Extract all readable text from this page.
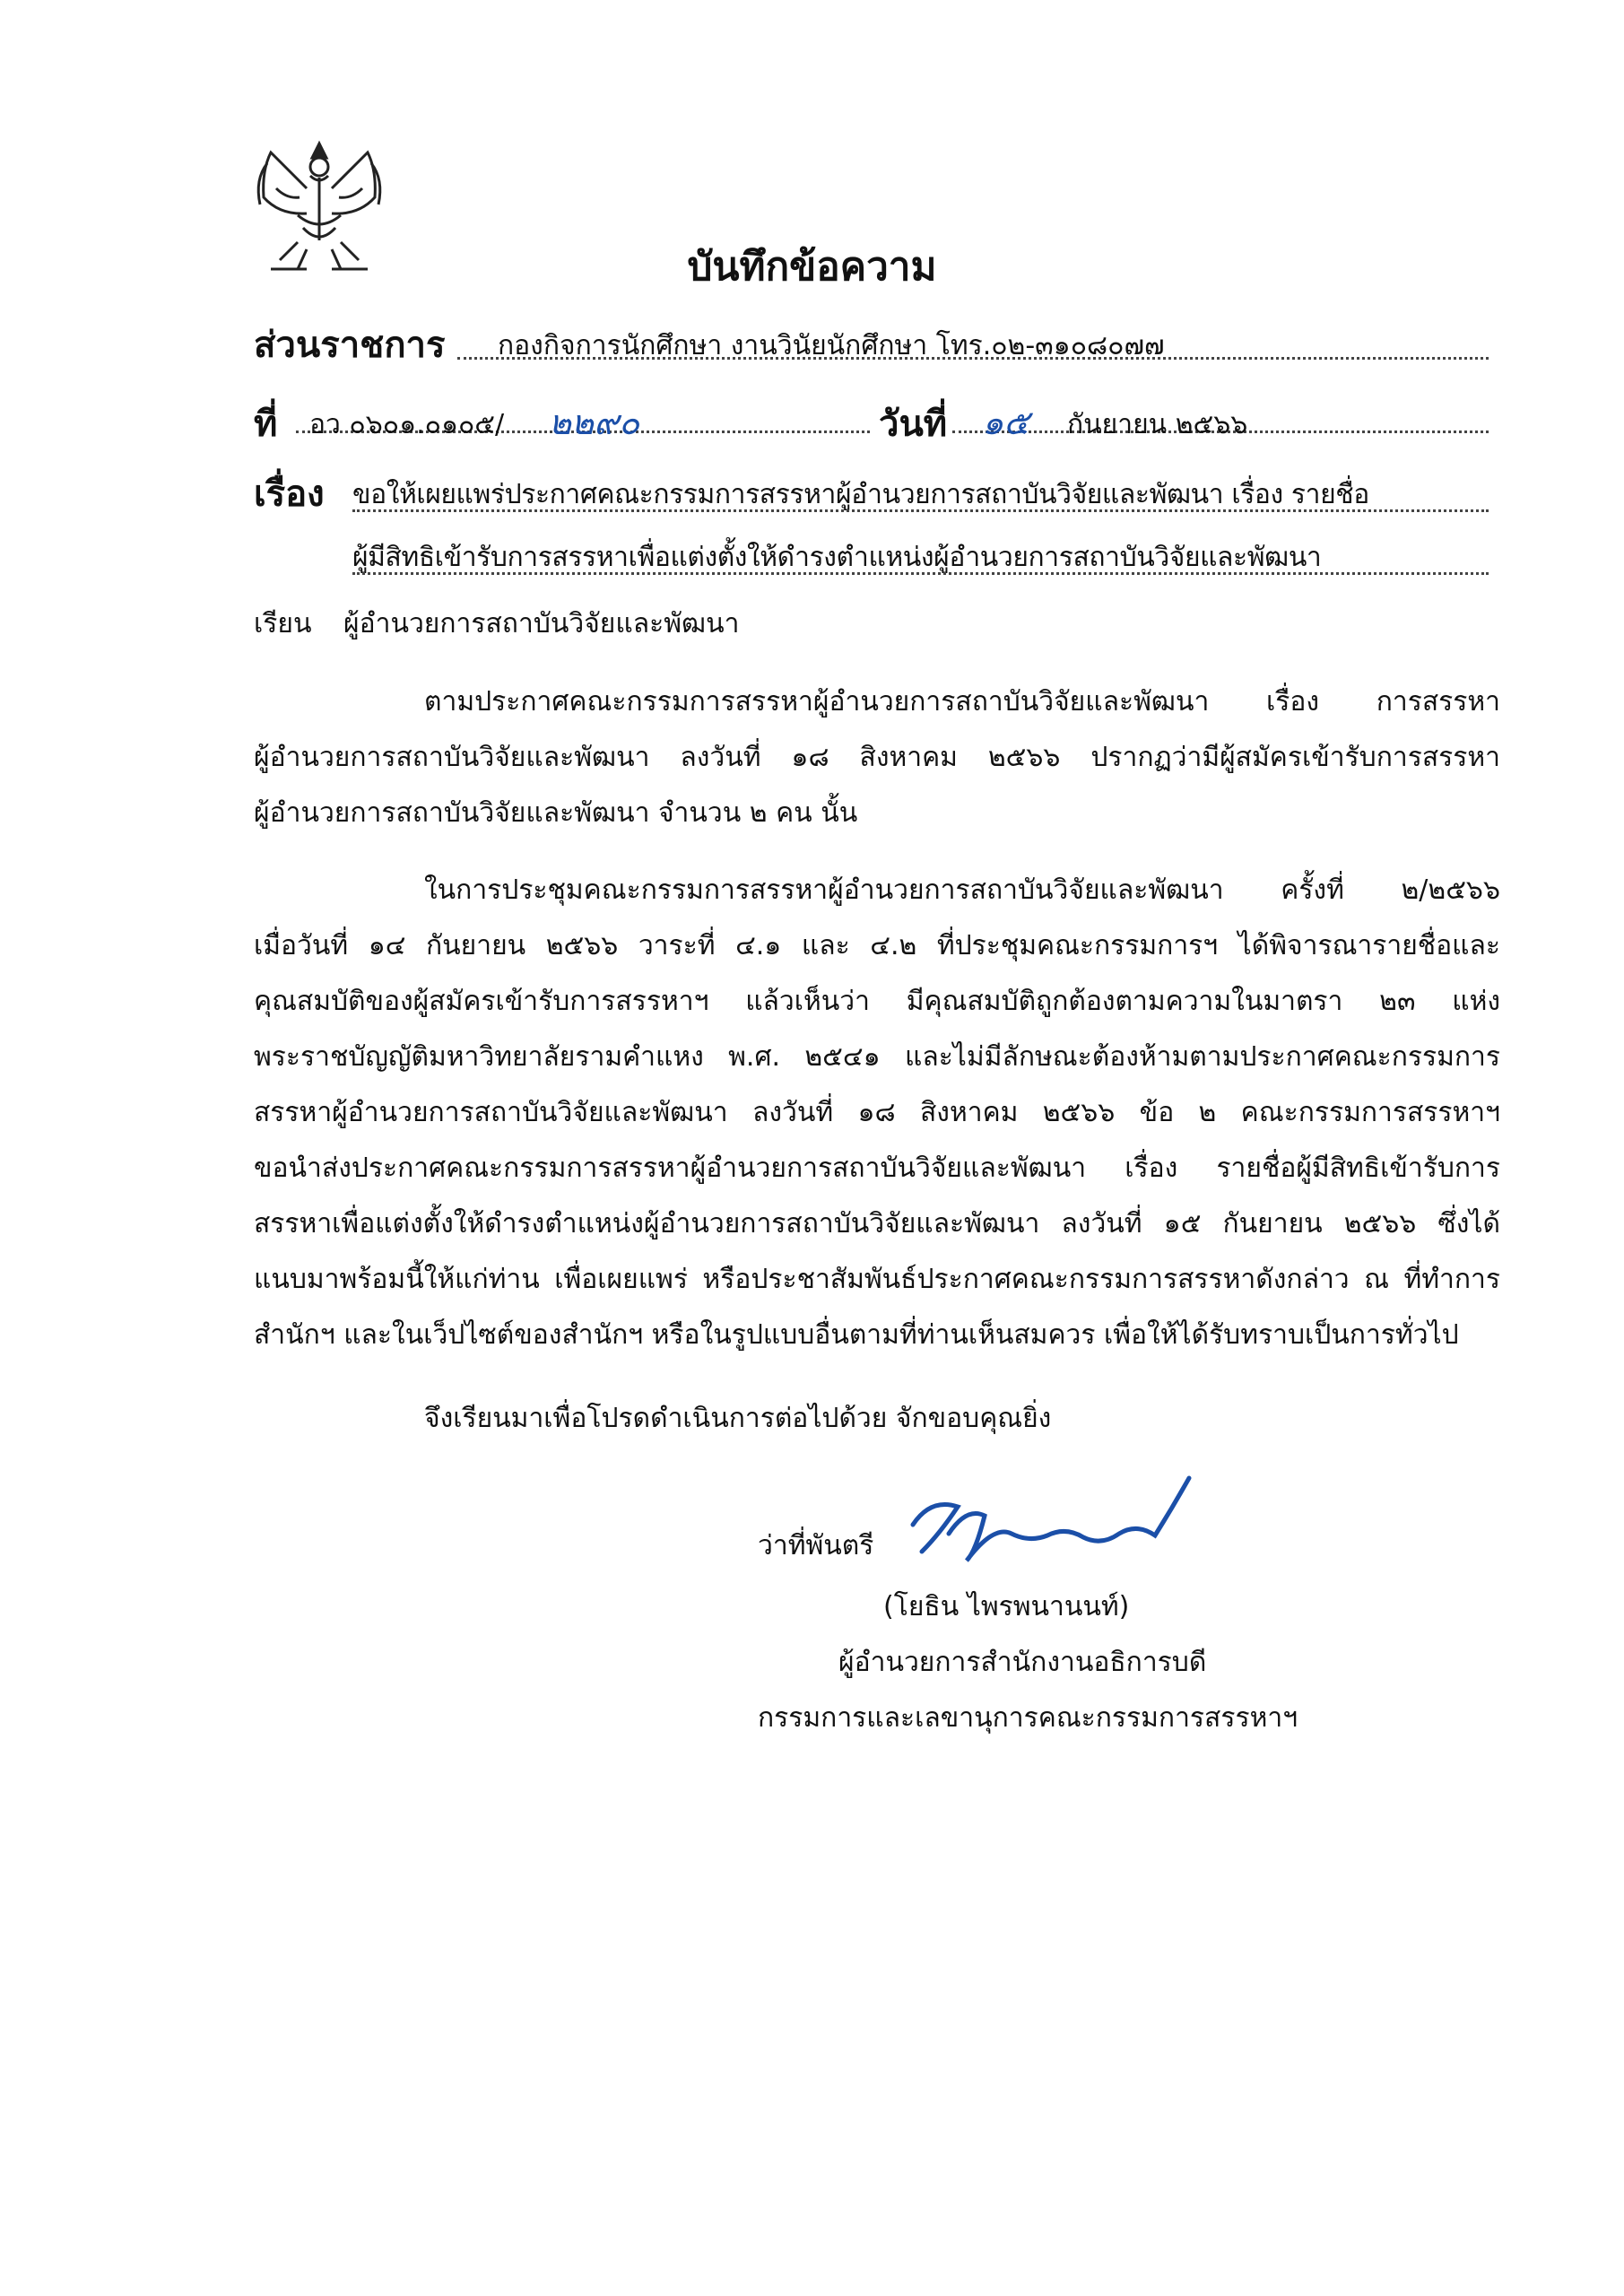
บันทึกข้อความ
ส่วนราชการ กองกิจการนักศึกษา งานวินัยนักศึกษา โทร.๐๒-๓๑๐๘๐๗๗
ที่ อว ๐๖๐๑.๐๑๐๕/ ๒๒๙๐	วันที่ ๑๕ กันยายน ๒๕๖๖
เรื่อง ขอให้เผยแพร่ประกาศคณะกรรมการสรรหาผู้อำนวยการสถาบันวิจัยและพัฒนา เรื่อง รายชื่อ
ผู้มีสิทธิเข้ารับการสรรหาเพื่อแต่งตั้งให้ดำรงตำแหน่งผู้อำนวยการสถาบันวิจัยและพัฒนา
เรียน ผู้อำนวยการสถาบันวิจัยและพัฒนา
ตามประกาศคณะกรรมการสรรหาผู้อำนวยการสถาบันวิจัยและพัฒนา เรื่อง การสรรหา
ผู้อำนวยการสถาบันวิจัยและพัฒนา ลงวันที่ ๑๘ สิงหาคม ๒๕๖๖ ปรากฏว่ามีผู้สมัครเข้ารับการสรรหา
ผู้อำนวยการสถาบันวิจัยและพัฒนา จำนวน ๒ คน นั้น
ในการประชุมคณะกรรมการสรรหาผู้อำนวยการสถาบันวิจัยและพัฒนา ครั้งที่ ๒/๒๕๖๖
เมื่อวันที่ ๑๔ กันยายน ๒๕๖๖ วาระที่ ๔.๑ และ ๔.๒ ที่ประชุมคณะกรรมการฯ ได้พิจารณารายชื่อและ
คุณสมบัติของผู้สมัครเข้ารับการสรรหาฯ แล้วเห็นว่า มีคุณสมบัติถูกต้องตามความในมาตรา ๒๓ แห่ง
พระราชบัญญัติมหาวิทยาลัยรามคำแหง พ.ศ. ๒๕๔๑ และไม่มีลักษณะต้องห้ามตามประกาศคณะกรรมการ
สรรหาผู้อำนวยการสถาบันวิจัยและพัฒนา ลงวันที่ ๑๘ สิงหาคม ๒๕๖๖ ข้อ ๒ คณะกรรมการสรรหาฯ
ขอนำส่งประกาศคณะกรรมการสรรหาผู้อำนวยการสถาบันวิจัยและพัฒนา เรื่อง รายชื่อผู้มีสิทธิเข้ารับการ
สรรหาเพื่อแต่งตั้งให้ดำรงตำแหน่งผู้อำนวยการสถาบันวิจัยและพัฒนา ลงวันที่ ๑๕ กันยายน ๒๕๖๖ ซึ่งได้
แนบมาพร้อมนี้ให้แก่ท่าน เพื่อเผยแพร่ หรือประชาสัมพันธ์ประกาศคณะกรรมการสรรหาดังกล่าว ณ ที่ทำการ
สำนักฯ และในเว็ปไซต์ของสำนักฯ หรือในรูปแบบอื่นตามที่ท่านเห็นสมควร เพื่อให้ได้รับทราบเป็นการทั่วไป
จึงเรียนมาเพื่อโปรดดำเนินการต่อไปด้วย จักขอบคุณยิ่ง
ว่าที่พันตรี
(โยธิน ไพรพนานนท์)
ผู้อำนวยการสำนักงานอธิการบดี
กรรมการและเลขานุการคณะกรรมการสรรหาฯ
